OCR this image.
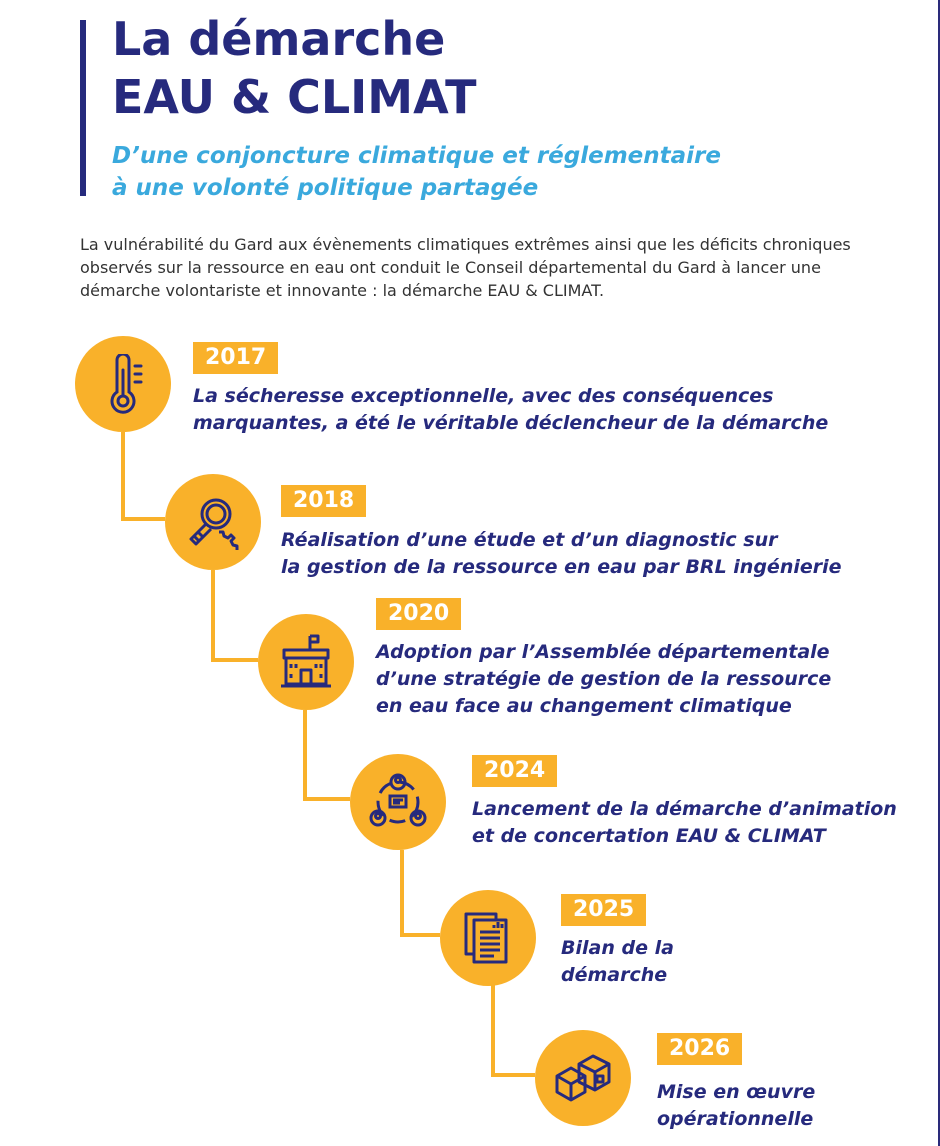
La démarche
EAU & CLIMAT
D’une conjoncture climatique et réglementaire
à une volonté politique partagée

La vulnérabilité du Gard aux évènements climatiques extrêmes ainsi que les déficits chroniques observés sur la ressource en eau ont conduit le Conseil départemental du Gard à lancer une démarche volontariste et innovante : la démarche EAU & CLIMAT.

2017

La sécheresse exceptionnelle, avec des conséquences
marquantes, a été le véritable déclencheur de la démarche

2018

Réalisation d’une étude et d’un diagnostic sur
la gestion de la ressource en eau par BRL ingénierie

2020

Adoption par l’Assemblée départementale
d’une stratégie de gestion de la ressource
en eau face au changement climatique

2024

Lancement de la démarche d’animation
et de concertation EAU & CLIMAT

2025

Bilan de la
démarche

2026

Mise en œuvre
opérationnelle
